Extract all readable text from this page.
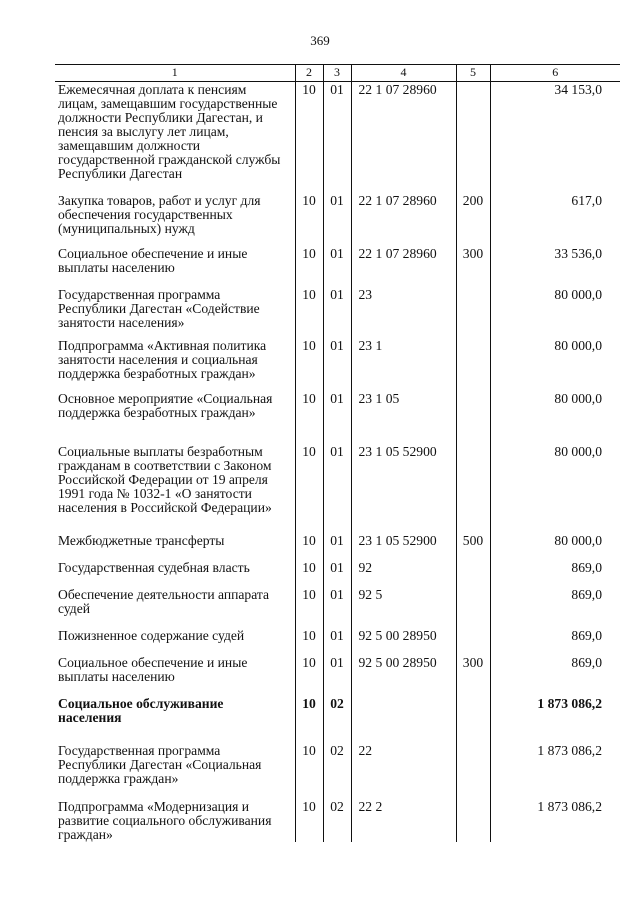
369
1	2	3	4	5	6
Ежемесячная доплата к пенсиям лицам, замещавшим государственные должности Республики Дагестан, и пенсия за выслугу лет лицам, замещавшим должности государственной гражданской службы Республики Дагестан	10	01	22 1 07 28960		34 153,0
Закупка товаров, работ и услуг для обеспечения государственных (муниципальных) нужд	10	01	22 1 07 28960	200	617,0
Социальное обеспечение и иные выплаты населению	10	01	22 1 07 28960	300	33 536,0
Государственная программа Республики Дагестан «Содействие занятости населения»	10	01	23		80 000,0
Подпрограмма «Активная политика занятости населения и социальная поддержка безработных граждан»	10	01	23 1		80 000,0
Основное мероприятие «Социальная поддержка безработных граждан»	10	01	23 1 05		80 000,0
Социальные выплаты безработным гражданам в соответствии с Законом Российской Федерации от 19 апреля 1991 года № 1032-1 «О занятости населения в Российской Федерации»	10	01	23 1 05 52900		80 000,0
Межбюджетные трансферты	10	01	23 1 05 52900	500	80 000,0
Государственная судебная власть	10	01	92		869,0
Обеспечение деятельности аппарата судей	10	01	92 5		869,0
Пожизненное содержание судей	10	01	92 5 00 28950		869,0
Социальное обеспечение и иные выплаты населению	10	01	92 5 00 28950	300	869,0
Социальное обслуживание населения	10	02			1 873 086,2
Государственная программа Республики Дагестан «Социальная поддержка граждан»	10	02	22		1 873 086,2
Подпрограмма «Модернизация и развитие социального обслуживания граждан»	10	02	22 2		1 873 086,2
